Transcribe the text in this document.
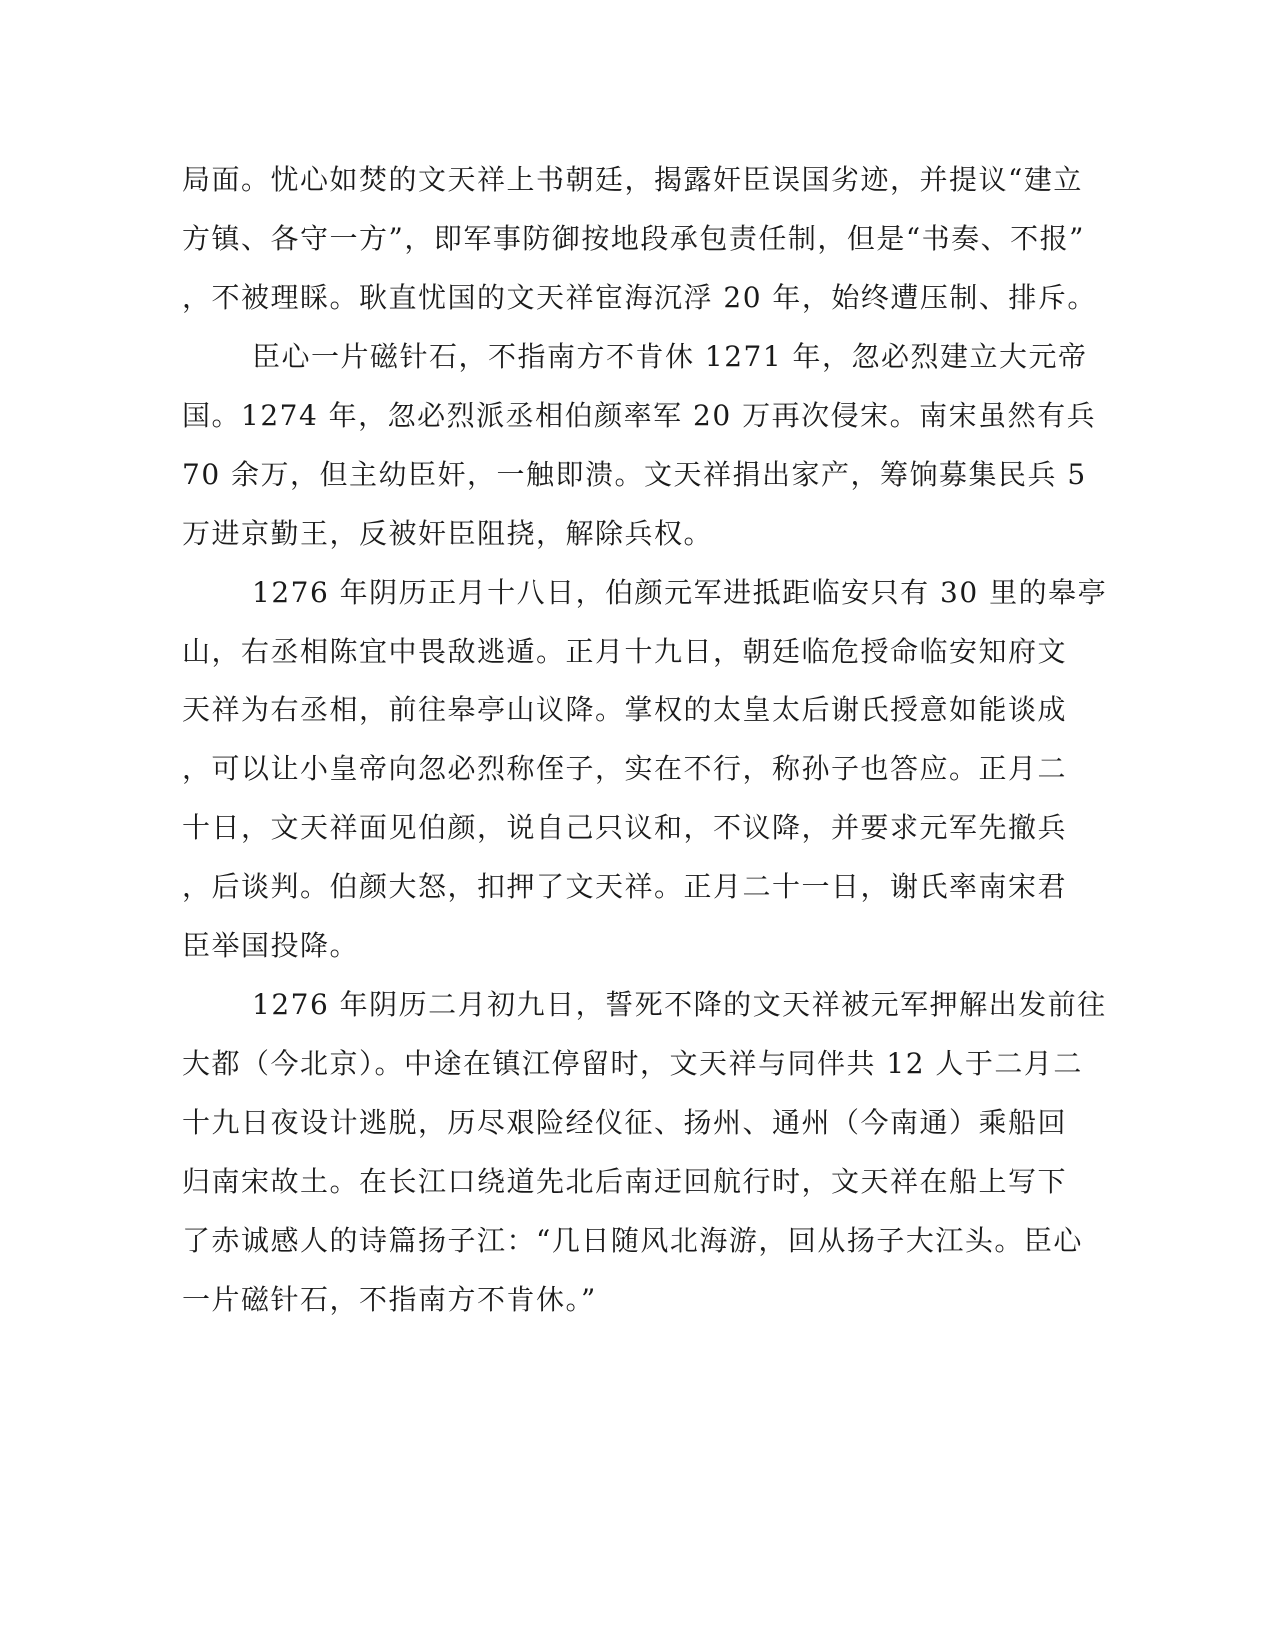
局面。忧心如焚的文天祥上书朝廷，揭露奸臣误国劣迹，并提议“建立

方镇、各守一方”，即军事防御按地段承包责任制，但是“书奏、不报”

，不被理睬。耿直忧国的文天祥宦海沉浮 20 年，始终遭压制、排斥。

臣心一片磁针石，不指南方不肯休 1271 年，忽必烈建立大元帝

国。1274 年，忽必烈派丞相伯颜率军 20 万再次侵宋。南宋虽然有兵

70 余万，但主幼臣奸，一触即溃。文天祥捐出家产，筹饷募集民兵 5

万进京勤王，反被奸臣阻挠，解除兵权。

1276 年阴历正月十八日，伯颜元军进抵距临安只有 30 里的皋亭

山，右丞相陈宜中畏敌逃遁。正月十九日，朝廷临危授命临安知府文

天祥为右丞相，前往皋亭山议降。掌权的太皇太后谢氏授意如能谈成

，可以让小皇帝向忽必烈称侄子，实在不行，称孙子也答应。正月二

十日，文天祥面见伯颜，说自己只议和，不议降，并要求元军先撤兵

，后谈判。伯颜大怒，扣押了文天祥。正月二十一日，谢氏率南宋君

臣举国投降。

1276 年阴历二月初九日，誓死不降的文天祥被元军押解出发前往

大都（今北京）。中途在镇江停留时，文天祥与同伴共 12 人于二月二

十九日夜设计逃脱，历尽艰险经仪征、扬州、通州（今南通）乘船回

归南宋故土。在长江口绕道先北后南迂回航行时，文天祥在船上写下

了赤诚感人的诗篇扬子江：“几日随风北海游，回从扬子大江头。臣心

一片磁针石，不指南方不肯休。”
